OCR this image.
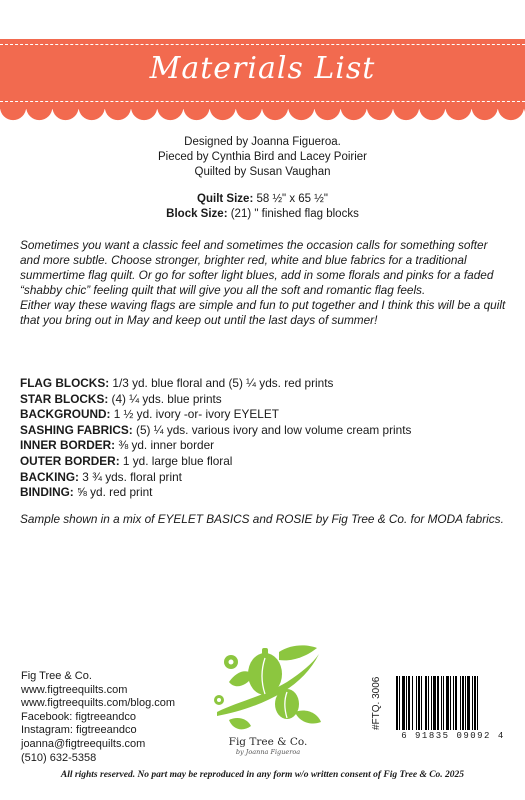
Materials List
Designed by Joanna Figueroa.
Pieced by Cynthia Bird and Lacey Poirier
Quilted by Susan Vaughan
Quilt Size: 58 ½" x 65 ½"
Block Size: (21) " finished flag blocks

Sometimes you want a classic feel and sometimes the occasion calls for something softer and more subtle. Choose stronger, brighter red, white and blue fabrics for a traditional summertime flag quilt. Or go for softer light blues, add in some florals and pinks for a faded “shabby chic” feeling quilt that will give you all the soft and romantic flag feels.

Either way these waving flags are simple and fun to put together and I think this will be a quilt that you bring out in May and keep out until the last days of summer!

FLAG BLOCKS: 1/3 yd. blue floral and (5) ¼ yds. red prints
STAR BLOCKS: (4) ¼ yds. blue prints
BACKGROUND: 1 ½ yd. ivory -or- ivory EYELET
SASHING FABRICS: (5) ¼ yds. various ivory and low volume cream prints
INNER BORDER: ⅜ yd. inner border
OUTER BORDER: 1 yd. large blue floral
BACKING: 3 ¾ yds. floral print
BINDING: ⅝ yd. red print
Sample shown in a mix of EYELET BASICS and ROSIE by Fig Tree & Co. for MODA fabrics.
Fig Tree & Co.
www.figtreequilts.com
www.figtreequilts.com/blog.com
Facebook: figtreeandco
Instagram: figtreeandco
joanna@figtreequilts.com
(510) 632-5358
Fig Tree & Co.
by Joanna Figueroa
#FTQ. 3006
6 91835 09092 4
All rights reserved. No part may be reproduced in any form w/o written consent of Fig Tree & Co. 2025
